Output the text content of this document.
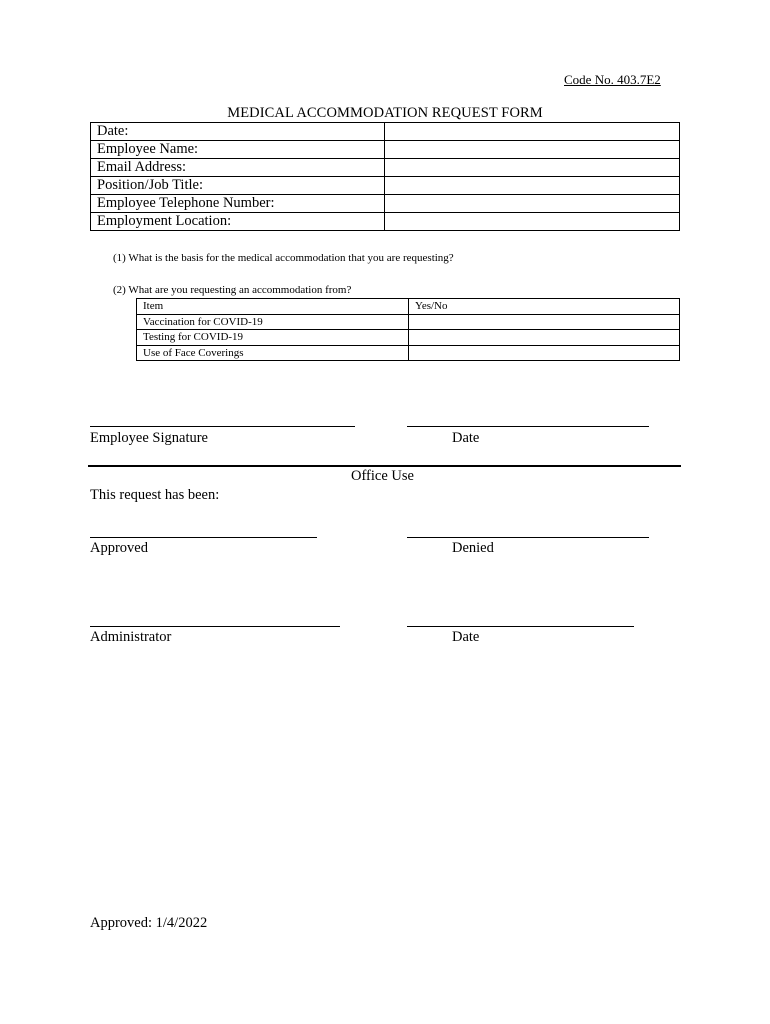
Code No. 403.7E2
MEDICAL ACCOMMODATION REQUEST FORM
Date:	
Employee Name:	
Email Address:	
Position/Job Title:	
Employee Telephone Number:	
Employment Location:	
(1) What is the basis for the medical accommodation that you are requesting?
(2) What are you requesting an accommodation from?
Item	Yes/No
Vaccination for COVID-19	
Testing for COVID-19	
Use of Face Coverings	
Employee Signature	Date
Office Use
This request has been:
Approved	Denied
Administrator	Date
Approved: 1/4/2022
